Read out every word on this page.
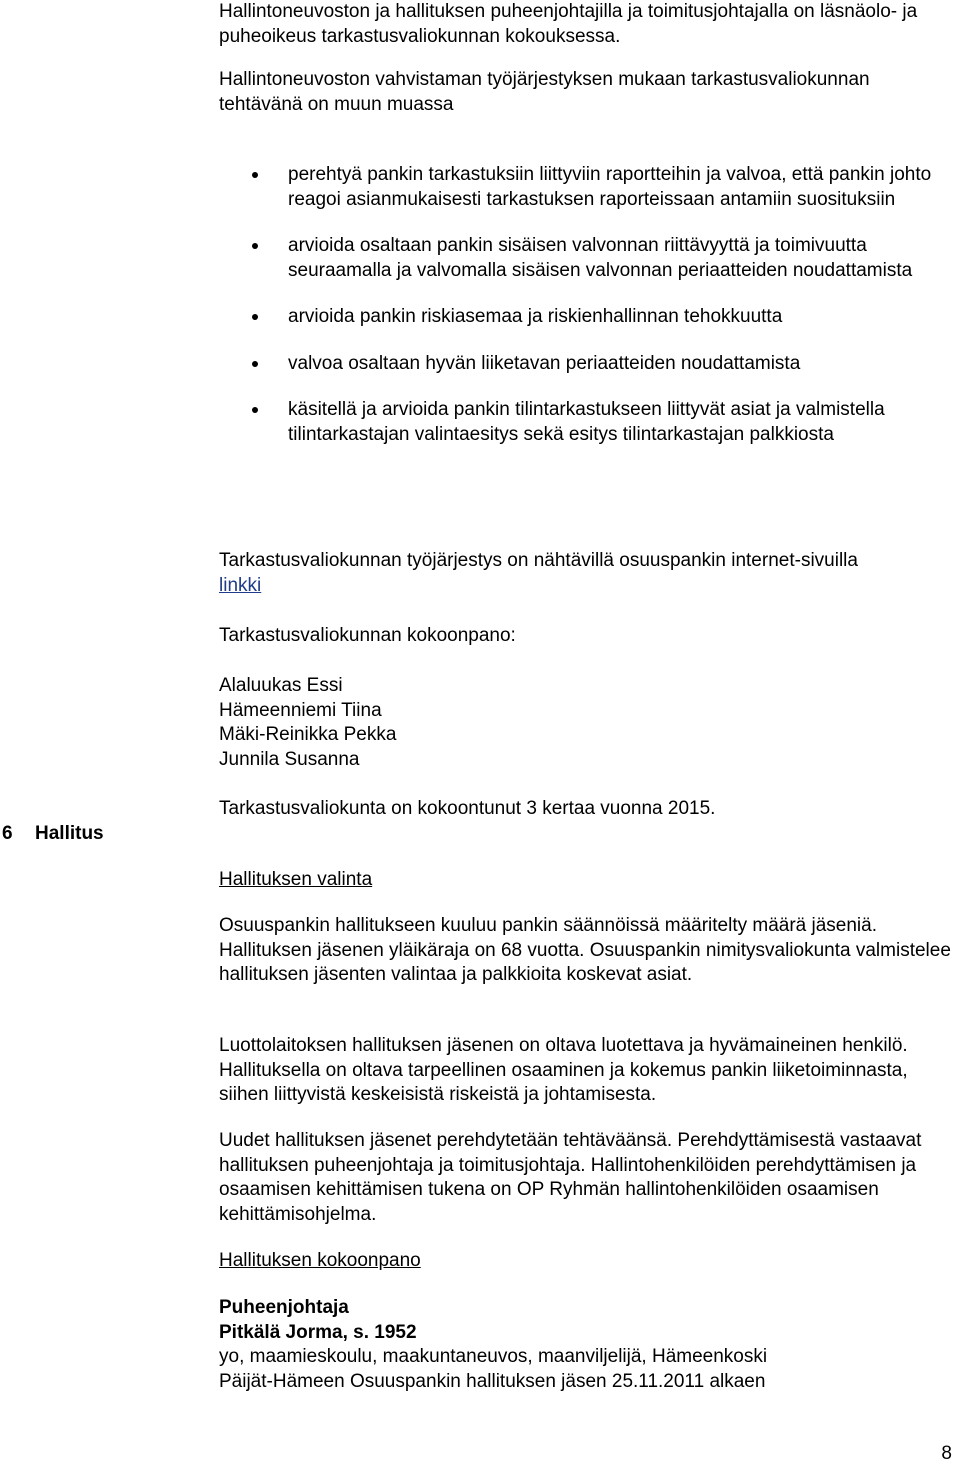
Hallintoneuvoston ja hallituksen puheenjohtajilla ja toimitusjohtajalla on läsnäolo- ja puheoikeus tarkastusvaliokunnan kokouksessa.

Hallintoneuvoston vahvistaman työjärjestyksen mukaan tarkastusvaliokunnan tehtävänä on muun muassa

perehtyä pankin tarkastuksiin liittyviin raportteihin ja valvoa, että pankin johto reagoi asianmukaisesti tarkastuksen raporteissaan antamiin suosituksiin
arvioida osaltaan pankin sisäisen valvonnan riittävyyttä ja toimivuutta seuraamalla ja valvomalla sisäisen valvonnan periaatteiden noudattamista
arvioida pankin riskiasemaa ja riskienhallinnan tehokkuutta
valvoa osaltaan hyvän liiketavan periaatteiden noudattamista
käsitellä ja arvioida pankin tilintarkastukseen liittyvät asiat ja valmistella tilintarkastajan valintaesitys sekä esitys tilintarkastajan palkkiosta

Tarkastusvaliokunnan työjärjestys on nähtävillä osuuspankin internet-sivuilla
linkki

Tarkastusvaliokunnan kokoonpano:

Alaluukas Essi
Hämeenniemi Tiina
Mäki-Reinikka Pekka
Junnila Susanna

6 Hallitus

Tarkastusvaliokunta on kokoontunut 3 kertaa vuonna 2015.

Hallituksen valinta

Osuuspankin hallitukseen kuuluu pankin säännöissä määritelty määrä jäseniä. Hallituksen jäsenen yläikäraja on 68 vuotta. Osuuspankin nimitysvaliokunta valmistelee hallituksen jäsenten valintaa ja palkkioita koskevat asiat.

Luottolaitoksen hallituksen jäsenen on oltava luotettava ja hyvämaineinen henkilö. Hallituksella on oltava tarpeellinen osaaminen ja kokemus pankin liiketoiminnasta, siihen liittyvistä keskeisistä riskeistä ja johtamisesta.

Uudet hallituksen jäsenet perehdytetään tehtäväänsä. Perehdyttämisestä vastaavat hallituksen puheenjohtaja ja toimitusjohtaja. Hallintohenkilöiden perehdyttämisen ja osaamisen kehittämisen tukena on OP Ryhmän hallintohenkilöiden osaamisen kehittämisohjelma.

Hallituksen kokoonpano

Puheenjohtaja
Pitkälä Jorma, s. 1952
yo, maamieskoulu, maakuntaneuvos, maanviljelijä, Hämeenkoski
Päijät-Hämeen Osuuspankin hallituksen jäsen 25.11.2011 alkaen

8
